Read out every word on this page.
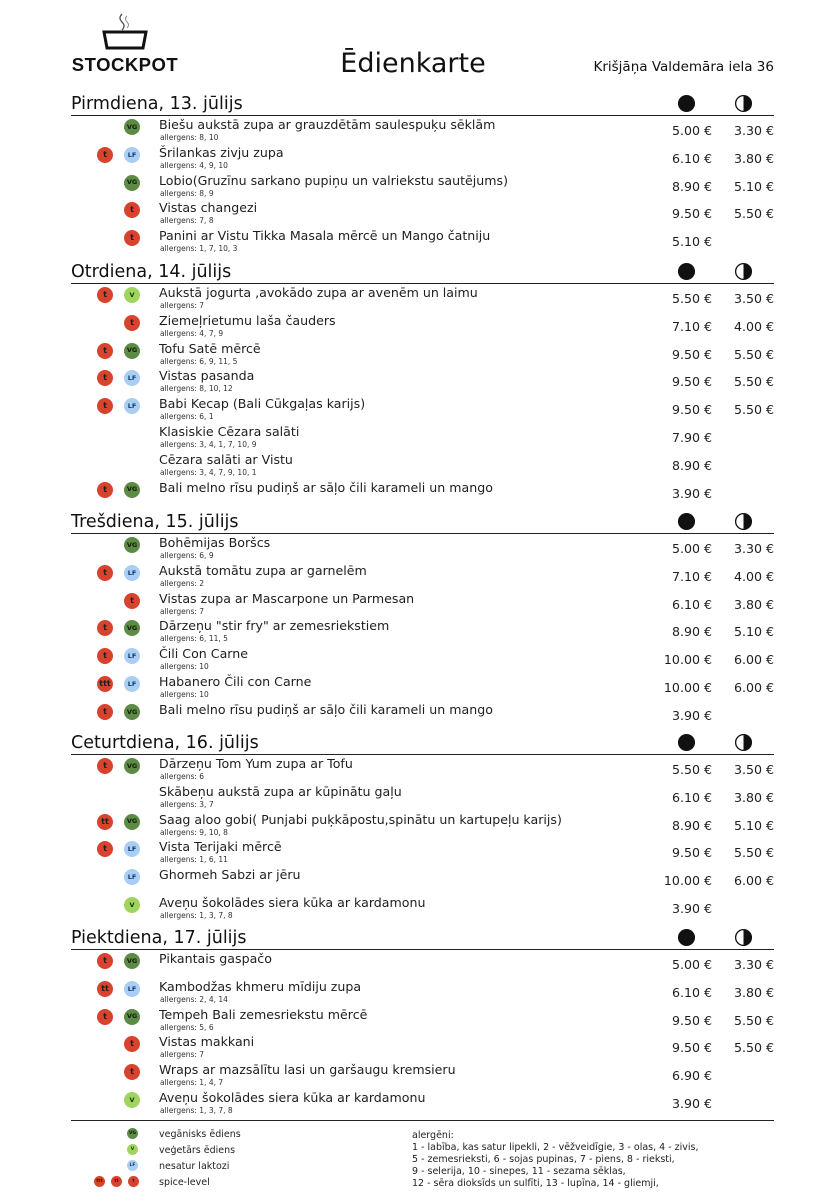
STOCKPOT	Ēdienkarte	Krišjāņa Valdemāra iela 36
Pirmdiena, 13. jūlijs
VG Biešu aukstā zupa ar grauzdētām saulespuķu sēklām
allergens: 8, 10	5.00 € 3.30 €
t	LF Šrilankas zivju zupa
allergens: 4, 9, 10	6.10 € 3.80 €
VG Lobio(Gruzīnu sarkano pupiņu un valriekstu sautējums)
allergens: 8, 9	8.90 € 5.10 €
t	Vistas changezi
allergens: 7, 8	9.50 € 5.50 €
t	Panini ar Vistu Tikka Masala mērcē un Mango čatniju
allergens: 1, 7, 10, 3	5.10 €
Otrdiena, 14. jūlijs
t	V	Aukstā jogurta ,avokādo zupa ar avenēm un laimu
allergens: 7	5.50 € 3.50 €
t	Ziemeļrietumu laša čauders
allergens: 4, 7, 9	7.10 € 4.00 €
t	VG Tofu Satē mērcē
allergens: 6, 9, 11, 5	9.50 € 5.50 €
t	LF Vistas pasanda
allergens: 8, 10, 12	9.50 € 5.50 €
t	LF Babi Kecap (Bali Cūkgaļas karijs)
allergens: 6, 1	9.50 € 5.50 €
Klasiskie Cēzara salāti
allergens: 3, 4, 1, 7, 10, 9	7.90 €
Cēzara salāti ar Vistu
allergens: 3, 4, 7, 9, 10, 1	8.90 €
t	VG Bali melno rīsu pudiņš ar sāļo čili karameli un mango	3.90 €
Trešdiena, 15. jūlijs
VG Bohēmijas Boršcs
allergens: 6, 9	5.00 € 3.30 €
t	LF Aukstā tomātu zupa ar garnelēm
allergens: 2	7.10 € 4.00 €
t	Vistas zupa ar Mascarpone un Parmesan
allergens: 7	6.10 € 3.80 €
t	VG Dārzeņu "stir fry" ar zemesriekstiem
allergens: 6, 11, 5	8.90 € 5.10 €
t	LF Čili Con Carne
allergens: 10	10.00 € 6.00 €
ttt	LF Habanero Čili con Carne
allergens: 10	10.00 € 6.00 €
t	VG Bali melno rīsu pudiņš ar sāļo čili karameli un mango	3.90 €
Ceturtdiena, 16. jūlijs
t	VG Dārzeņu Tom Yum zupa ar Tofu
allergens: 6	5.50 € 3.50 €
Skābeņu aukstā zupa ar kūpinātu gaļu
allergens: 3, 7	6.10 € 3.80 €
tt	VG Saag aloo gobi( Punjabi puķkāpostu,spinātu un kartupeļu karijs)
allergens: 9, 10, 8	8.90 € 5.10 €
t	LF Vista Terijaki mērcē
allergens: 1, 6, 11	9.50 € 5.50 €
LF Ghormeh Sabzi ar jēru	10.00 € 6.00 €
V	Aveņu šokolādes siera kūka ar kardamonu
allergens: 1, 3, 7, 8	3.90 €
Piektdiena, 17. jūlijs
t	VG Pikantais gaspačo	5.00 € 3.30 €
tt	LF Kambodžas khmeru mīdiju zupa
allergens: 2, 4, 14	6.10 € 3.80 €
t	VG Tempeh Bali zemesriekstu mērcē
allergens: 5, 6	9.50 € 5.50 €
t	Vistas makkani
allergens: 7	9.50 € 5.50 €
t	Wraps ar mazsālītu lasi un garšaugu kremsieru
allergens: 1, 4, 7	6.90 €
V	Aveņu šokolādes siera kūka ar kardamonu
allergens: 1, 3, 7, 8	3.90 €
VG vegānisks ēdiens
V	veģetārs ēdiens
LF nesatur laktozi
ttt	tt	t	spice-level
alergēni:
1 - labība, kas satur lipekli, 2 - vēžveidīgie, 3 - olas, 4 - zivis,
5 - zemesrieksti, 6 - sojas pupinas, 7 - piens, 8 - rieksti,
9 - selerija, 10 - sinepes, 11 - sezama sēklas,
12 - sēra dioksīds un sulfīti, 13 - lupīna, 14 - gliemji,
